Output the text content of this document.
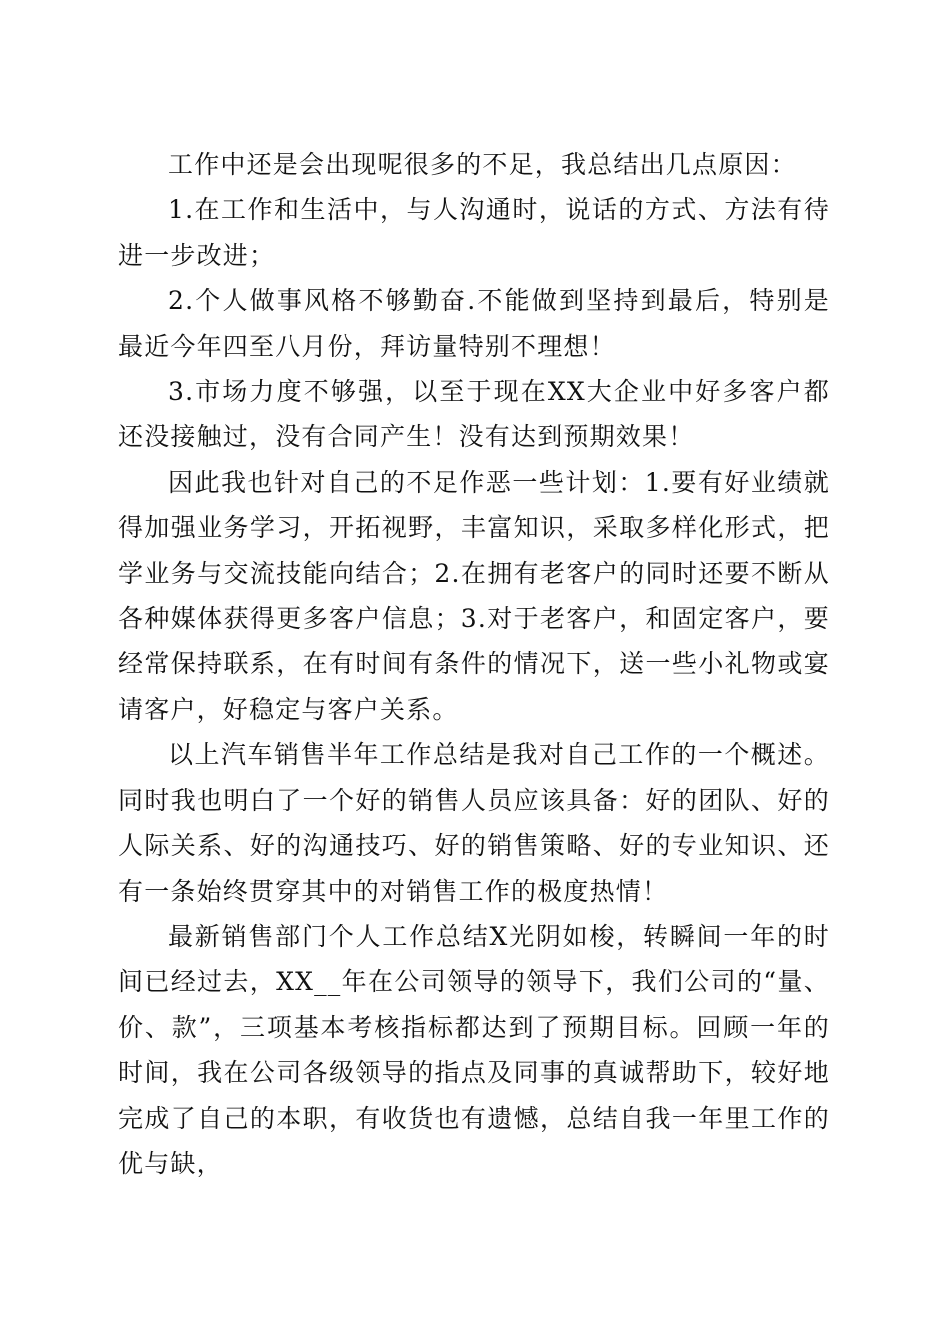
工作中还是会出现呢很多的不足，我总结出几点原因：

1.在工作和生活中，与人沟通时，说话的方式、方法有待进一步改进；

2.个人做事风格不够勤奋.不能做到坚持到最后，特别是最近今年四至八月份，拜访量特别不理想！

3.市场力度不够强，以至于现在XX大企业中好多客户都还没接触过，没有合同产生！没有达到预期效果！

因此我也针对自己的不足作恶一些计划：1.要有好业绩就得加强业务学习，开拓视野，丰富知识，采取多样化形式，把学业务与交流技能向结合；2.在拥有老客户的同时还要不断从各种媒体获得更多客户信息；3.对于老客户，和固定客户，要经常保持联系，在有时间有条件的情况下，送一些小礼物或宴请客户，好稳定与客户关系。

以上汽车销售半年工作总结是我对自己工作的一个概述。同时我也明白了一个好的销售人员应该具备：好的团队、好的人际关系、好的沟通技巧、好的销售策略、好的专业知识、还有一条始终贯穿其中的对销售工作的极度热情！

最新销售部门个人工作总结X光阴如梭，转瞬间一年的时间已经过去，XX__年在公司领导的领导下，我们公司的“量、价、款”，三项基本考核指标都达到了预期目标。回顾一年的时间，我在公司各级领导的指点及同事的真诚帮助下，较好地完成了自己的本职，有收货也有遗憾，总结自我一年里工作的优与缺，
